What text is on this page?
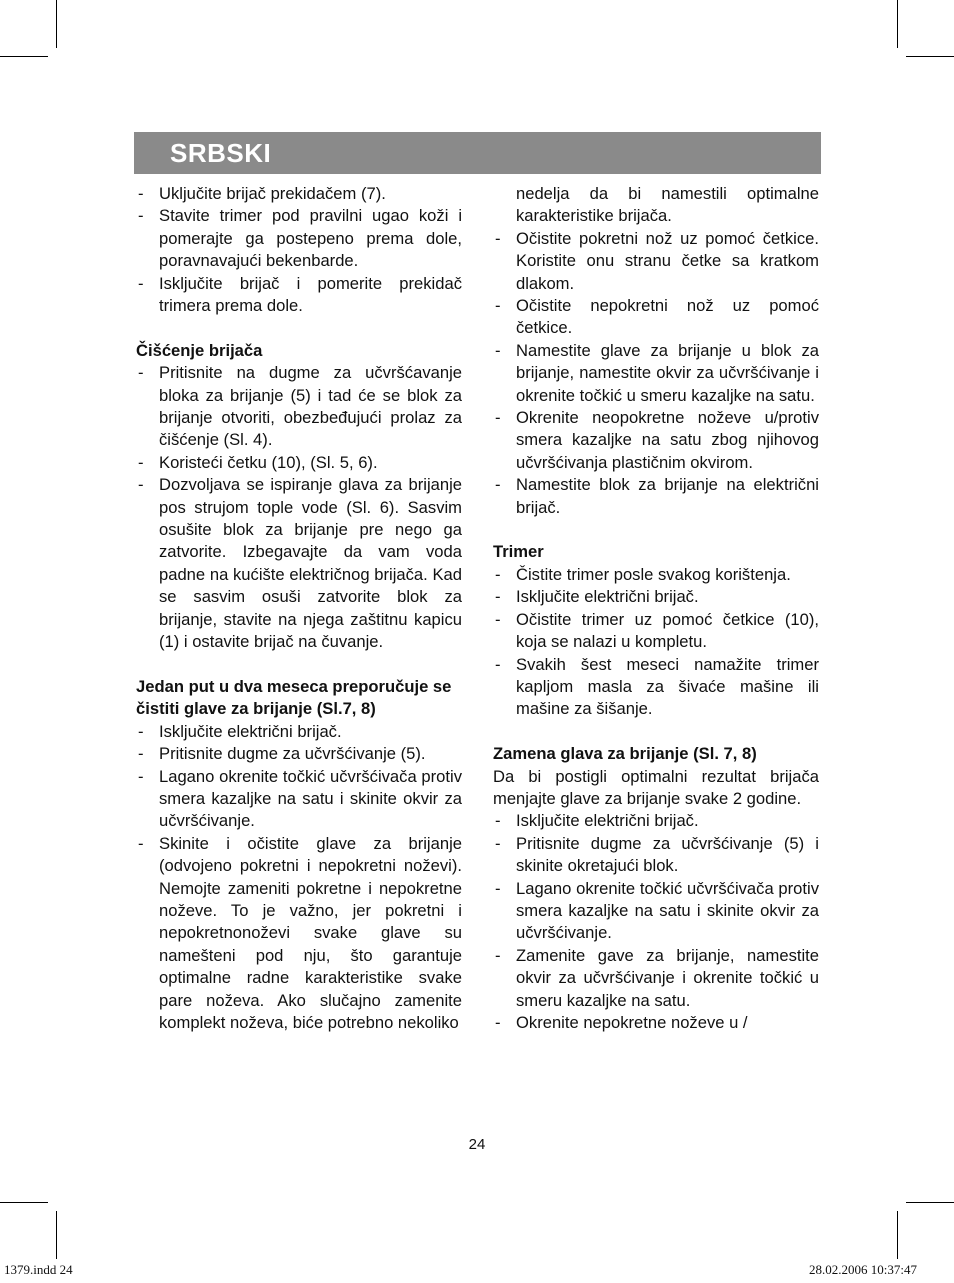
SRBSKI
- Uključite brijač prekidačem (7).
- Stavite trimer pod pravilni ugao koži i pomerajte ga postepeno prema dole, poravnavajući bekenbarde.
- Isključite brijač i pomerite prekidač trimera prema dole.
Čišćenje brijača
- Pritisnite na dugme za učvršćavanje bloka za brijanje (5) i tad će se blok za brijanje otvoriti, obezbeđujući prolaz za čišćenje (Sl. 4).
- Koristeći četku (10), (Sl. 5, 6).
- Dozvoljava se ispiranje glava za brijanje pos strujom tople vode (Sl. 6). Sasvim osušite blok za brijanje pre nego ga zatvorite. Izbegavajte da vam voda padne na kućište električnog brijača. Kad se sasvim osuši zatvorite blok za brijanje, stavite na njega zaštitnu kapicu (1) i ostavite brijač na čuvanje.
Jedan put u dva meseca preporučuje se čistiti glave za brijanje (Sl.7, 8)
- Isključite električni brijač.
- Pritisnite dugme za učvršćivanje (5).
- Lagano okrenite točkić učvršćivača protiv smera kazaljke na satu i skinite okvir za učvršćivanje.
- Skinite i očistite glave za brijanje (odvojeno pokretni i nepokretni noževi). Nemojte zameniti pokretne i nepokretne noževe. To je važno, jer pokretni i nepokretnonoževi svake glave su namešteni pod nju, što garantuje optimalne radne karakteristike svake pare noževa. Ako slučajno zamenite komplekt noževa, biće potrebno nekoliko
nedelja da bi namestili optimalne karakteristike brijača.
- Očistite pokretni nož uz pomoć četkice. Koristite onu stranu četke sa kratkom dlakom.
- Očistite nepokretni nož uz pomoć četkice.
- Namestite glave za brijanje u blok za brijanje, namestite okvir za učvršćivanje i okrenite točkić u smeru kazaljke na satu.
- Okrenite neopokretne noževe u/protiv smera kazaljke na satu zbog njihovog učvršćivanja plastičnim okvirom.
- Namestite blok za brijanje na električni brijač.
Trimer
- Čistite trimer posle svakog korištenja.
- Isključite električni brijač.
- Očistite trimer uz pomoć četkice (10), koja se nalazi u kompletu.
- Svakih šest meseci namažite trimer kapljom masla za šivaće mašine ili mašine za šišanje.
Zamena glava za brijanje (Sl. 7, 8)
Da bi postigli optimalni rezultat brijača menjajte glave za brijanje svake 2 godine.
- Isključite električni brijač.
- Pritisnite dugme za učvršćivanje (5) i skinite okretajući blok.
- Lagano okrenite točkić učvršćivača protiv smera kazaljke na satu i skinite okvir za učvršćivanje.
- Zamenite gave za brijanje, namestite okvir za učvršćivanje i okrenite točkić u smeru kazaljke na satu.
- Okrenite nepokretne noževe u /
24
1379.indd 24	28.02.2006 10:37:47
